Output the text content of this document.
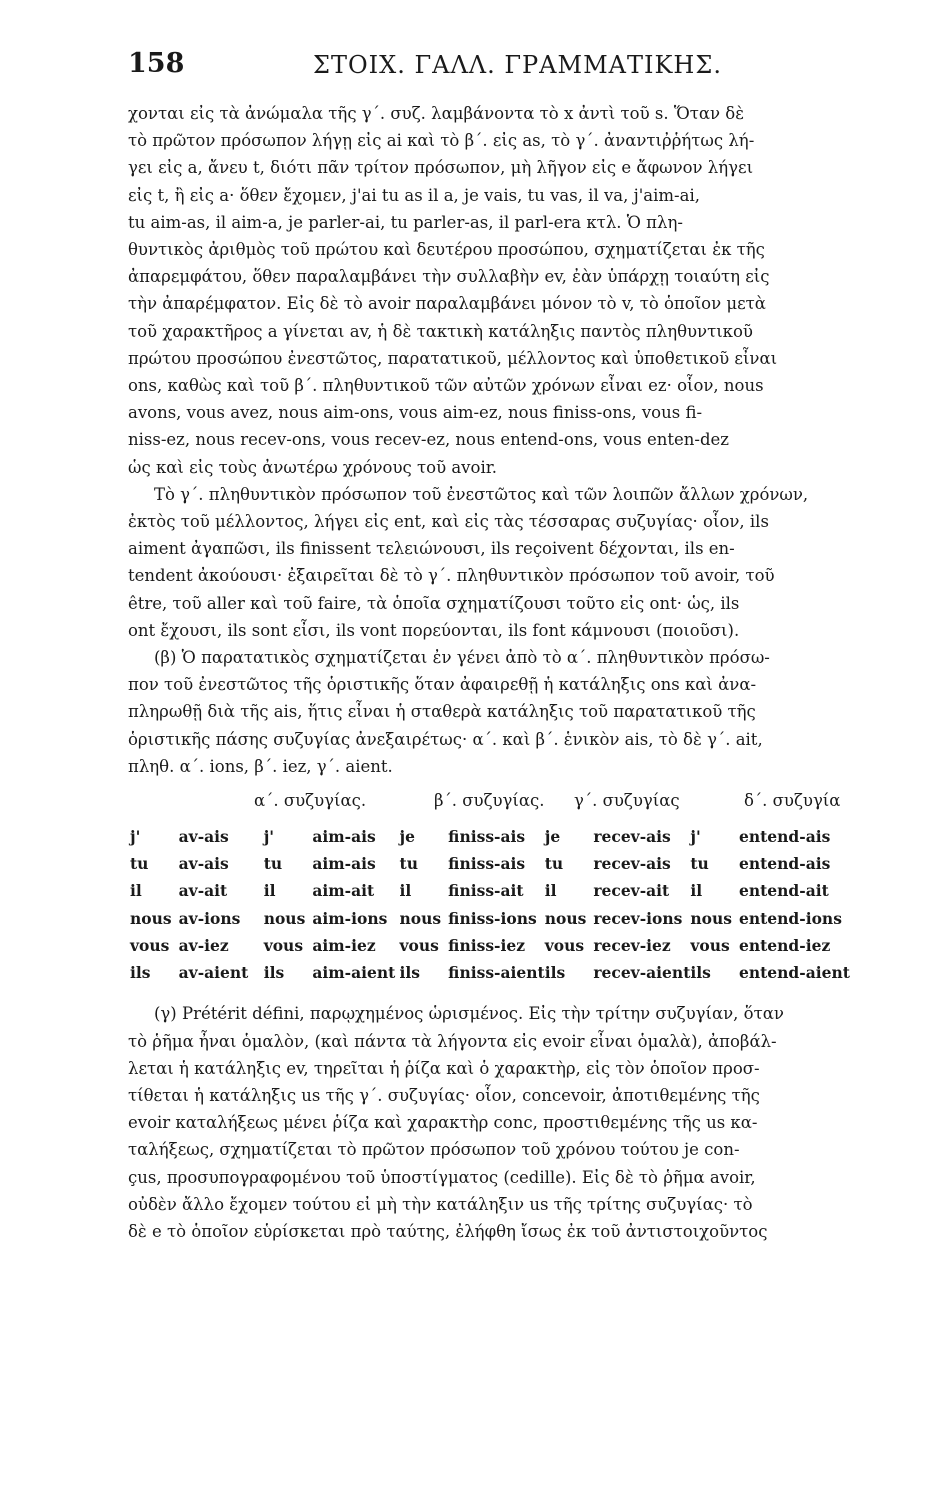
158	ΣΤΟΙΧ. ΓΑΛΛ. ΓΡΑΜΜΑΤΙΚΗΣ.

χονται εἰς τὰ ἀνώμαλα τῆς γ΄. συζ. λαμβάνοντα τὸ x ἀντὶ τοῦ s. Ὅταν δὲ
τὸ πρῶτον πρόσωπον λήγῃ εἰς ai καὶ τὸ β΄. εἰς as, τὸ γ΄. ἀναντιῤῥήτως λή-
γει εἰς a, ἄνευ t, διότι πᾶν τρίτον πρόσωπον, μὴ λῆγον εἰς e ἄφωνον λήγει
εἰς t, ἢ εἰς a· ὅθεν ἔχομεν, j'ai tu as il a, je vais, tu vas, il va, j'aim-ai,
tu aim-as, il aim-a, je parler-ai, tu parler-as, il parl-era κτλ. Ὁ πλη-
θυντικὸς ἀριθμὸς τοῦ πρώτου καὶ δευτέρου προσώπου, σχηματίζεται ἐκ τῆς
ἀπαρεμφάτου, ὅθεν παραλαμβάνει τὴν συλλαβὴν ev, ἐὰν ὑπάρχῃ τοιαύτη εἰς
τὴν ἀπαρέμφατον. Εἰς δὲ τὸ avoir παραλαμβάνει μόνον τὸ v, τὸ ὁποῖον μετὰ
τοῦ χαρακτῆρος a γίνεται av, ἡ δὲ τακτικὴ κατάληξις παντὸς πληθυντικοῦ
πρώτου προσώπου ἐνεστῶτος, παρατατικοῦ, μέλλοντος καὶ ὑποθετικοῦ εἶναι
ons, καθὼς καὶ τοῦ β΄. πληθυντικοῦ τῶν αὐτῶν χρόνων εἶναι ez· οἷον, nous
avons, vous avez, nous aim-ons, vous aim-ez, nous finiss-ons, vous fi-
niss-ez, nous recev-ons, vous recev-ez, nous entend-ons, vous enten-dez
ὡς καὶ εἰς τοὺς ἀνωτέρω χρόνους τοῦ avoir.

Τὸ γ΄. πληθυντικὸν πρόσωπον τοῦ ἐνεστῶτος καὶ τῶν λοιπῶν ἄλλων χρόνων,
ἐκτὸς τοῦ μέλλοντος, λήγει εἰς ent, καὶ εἰς τὰς τέσσαρας συζυγίας· οἷον, ils
aiment ἀγαπῶσι, ils finissent τελειώνουσι, ils reçoivent δέχονται, ils en-
tendent ἀκούουσι· ἐξαιρεῖται δὲ τὸ γ΄. πληθυντικὸν πρόσωπον τοῦ avoir, τοῦ
être, τοῦ aller καὶ τοῦ faire, τὰ ὁποῖα σχηματίζουσι τοῦτο εἰς ont· ὡς, ils
ont ἔχουσι, ils sont εἶσι, ils vont πορεύονται, ils font κάμνουσι (ποιοῦσι).

(β) Ὁ παρατατικὸς σχηματίζεται ἐν γένει ἀπὸ τὸ α΄. πληθυντικὸν πρόσω-
πον τοῦ ἐνεστῶτος τῆς ὁριστικῆς ὅταν ἀφαιρεθῇ ἡ κατάληξις ons καὶ ἀνα-
πληρωθῇ διὰ τῆς ais, ἥτις εἶναι ἡ σταθερὰ κατάληξις τοῦ παρατατικοῦ τῆς
ὁριστικῆς πάσης συζυγίας ἀνεξαιρέτως· α΄. καὶ β΄. ἑνικὸν ais, τὸ δὲ γ΄. ait,
πληθ. α΄. ions, β΄. iez, γ΄. aient.

α΄. συζυγίας.	β΄. συζυγίας.	γ΄. συζυγίας	δ΄. συζυγία
j'	av-ais	j'	aim-ais	je	finiss-ais	je	recev-ais	j'	entend-ais
tu	av-ais	tu	aim-ais	tu	finiss-ais	tu	recev-ais	tu	entend-ais
il	av-ait	il	aim-ait	il	finiss-ait	il	recev-ait	il	entend-ait
nous	av-ions	nous	aim-ions	nous	finiss-ions	nous	recev-ions	nous	entend-ions
vous	av-iez	vous	aim-iez	vous	finiss-iez	vous	recev-iez	vous	entend-iez
ils	av-aient	ils	aim-aient	ils	finiss-aient	ils	recev-aient	ils	entend-aient

(γ) Prétérit défini, παρῳχημένος ὡρισμένος. Εἰς τὴν τρίτην συζυγίαν, ὅταν
τὸ ῥῆμα ἦναι ὁμαλὸν, (καὶ πάντα τὰ λήγοντα εἰς evoir εἶναι ὁμαλὰ), ἀποβάλ-
λεται ἡ κατάληξις ev, τηρεῖται ἡ ῥίζα καὶ ὁ χαρακτὴρ, εἰς τὸν ὁποῖον προσ-
τίθεται ἡ κατάληξις us τῆς γ΄. συζυγίας· οἷον, concevoir, ἀποτιθεμένης τῆς
evoir καταλήξεως μένει ῥίζα καὶ χαρακτὴρ conc, προστιθεμένης τῆς us κα-
ταλήξεως, σχηματίζεται τὸ πρῶτον πρόσωπον τοῦ χρόνου τούτου je con-
çus, προσυπογραφομένου τοῦ ὑποστίγματος (cedille). Εἰς δὲ τὸ ῥῆμα avoir,
οὐδὲν ἄλλο ἔχομεν τούτου εἰ μὴ τὴν κατάληξιν us τῆς τρίτης συζυγίας· τὸ
δὲ e τὸ ὁποῖον εὑρίσκεται πρὸ ταύτης, ἐλήφθη ἴσως ἐκ τοῦ ἀντιστοιχοῦντος
